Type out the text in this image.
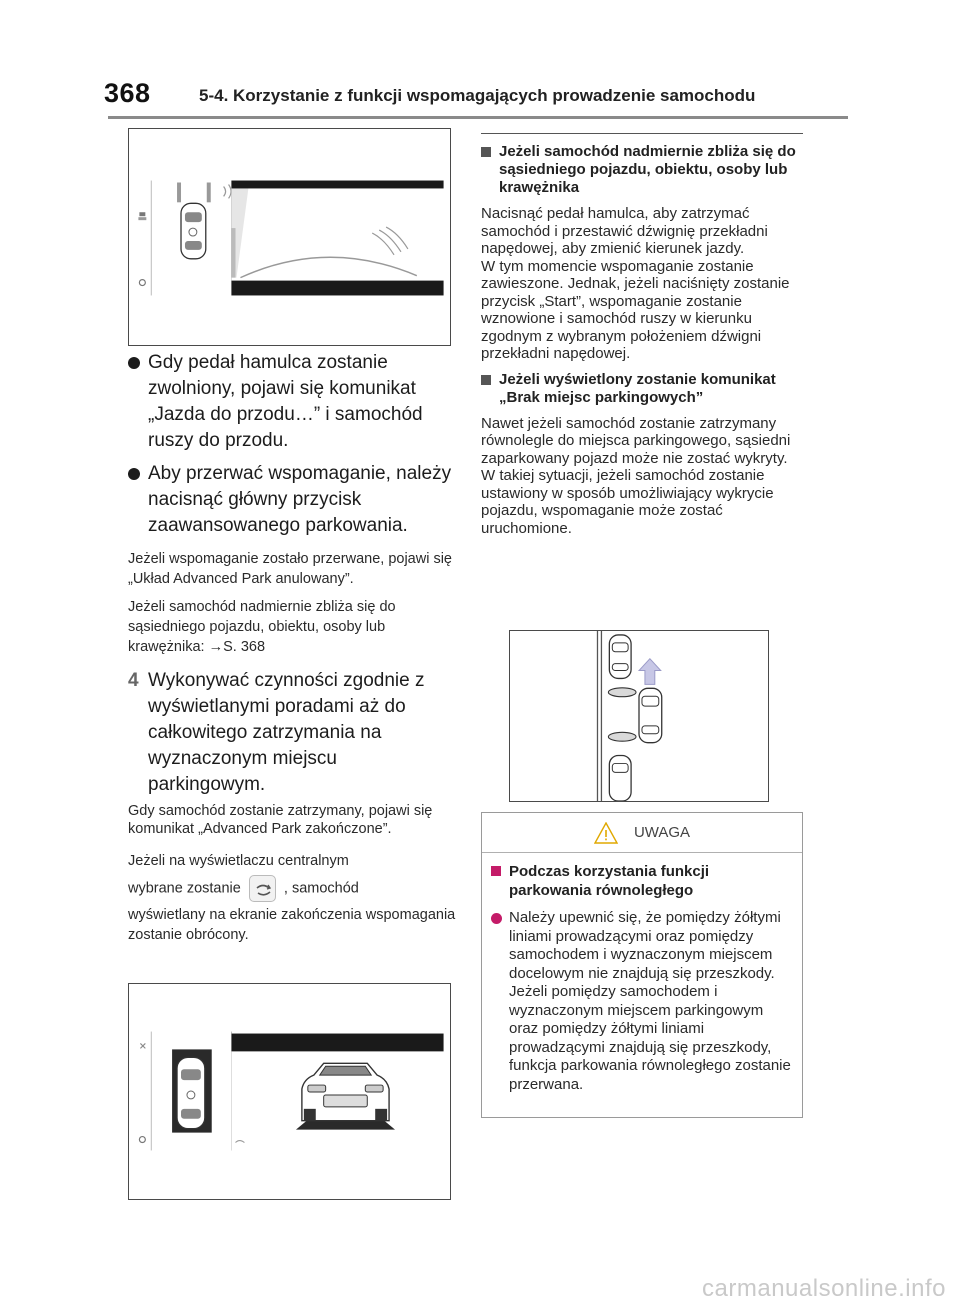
368	5-4. Korzystanie z funkcji wspomagających prowadzenie samochodu
Gdy pedał hamulca zostanie zwolniony, pojawi się komunikat „Jazda do przodu…” i samochód ruszy do przodu.
Aby przerwać wspomaganie, należy nacisnąć główny przycisk zaawansowanego parkowania.

Jeżeli wspomaganie zostało przerwane, pojawi się „Układ Advanced Park anulowany”.

Jeżeli samochód nadmiernie zbliża się do sąsiedniego pojazdu, obiektu, osoby lub krawężnika: →S. 368

4 Wykonywać czynności zgodnie z wyświetlanymi poradami aż do całkowitego zatrzymania na wyznaczonym miejscu parkingowym.

Gdy samochód zostanie zatrzymany, pojawi się komunikat „Advanced Park zakończone”.

Jeżeli na wyświetlaczu centralnym

wybrane zostanie	, samochód

wyświetlany na ekranie zakończenia wspomagania zostanie obrócony.

Jeżeli samochód nadmiernie zbliża się do sąsiedniego pojazdu, obiektu, osoby lub krawężnika

Nacisnąć pedał hamulca, aby zatrzymać samochód i przestawić dźwignię przekładni napędowej, aby zmienić kierunek jazdy.

W tym momencie wspomaganie zostanie zawieszone. Jednak, jeżeli naciśnięty zostanie przycisk „Start”, wspomaganie zostanie wznowione i samochód ruszy w kierunku zgodnym z wybranym położeniem dźwigni przekładni napędowej.

Jeżeli wyświetlony zostanie komunikat „Brak miejsc parkingowych”

Nawet jeżeli samochód zostanie zatrzymany równolegle do miejsca parkingowego, sąsiedni zaparkowany pojazd może nie zostać wykryty. W takiej sytuacji, jeżeli samochód zostanie ustawiony w sposób umożliwiający wykrycie pojazdu, wspomaganie może zostać uruchomione.

UWAGA
Podczas korzystania funkcji parkowania równoległego
Należy upewnić się, że pomiędzy żółtymi liniami prowadzącymi oraz pomiędzy samochodem i wyznaczonym miejscem docelowym nie znajdują się przeszkody. Jeżeli pomiędzy samochodem i wyznaczonym miejscem parkingowym oraz pomiędzy żółtymi liniami prowadzącymi znajdują się przeszkody, funkcja parkowania równoległego zostanie przerwana.
carmanualsonline.info
